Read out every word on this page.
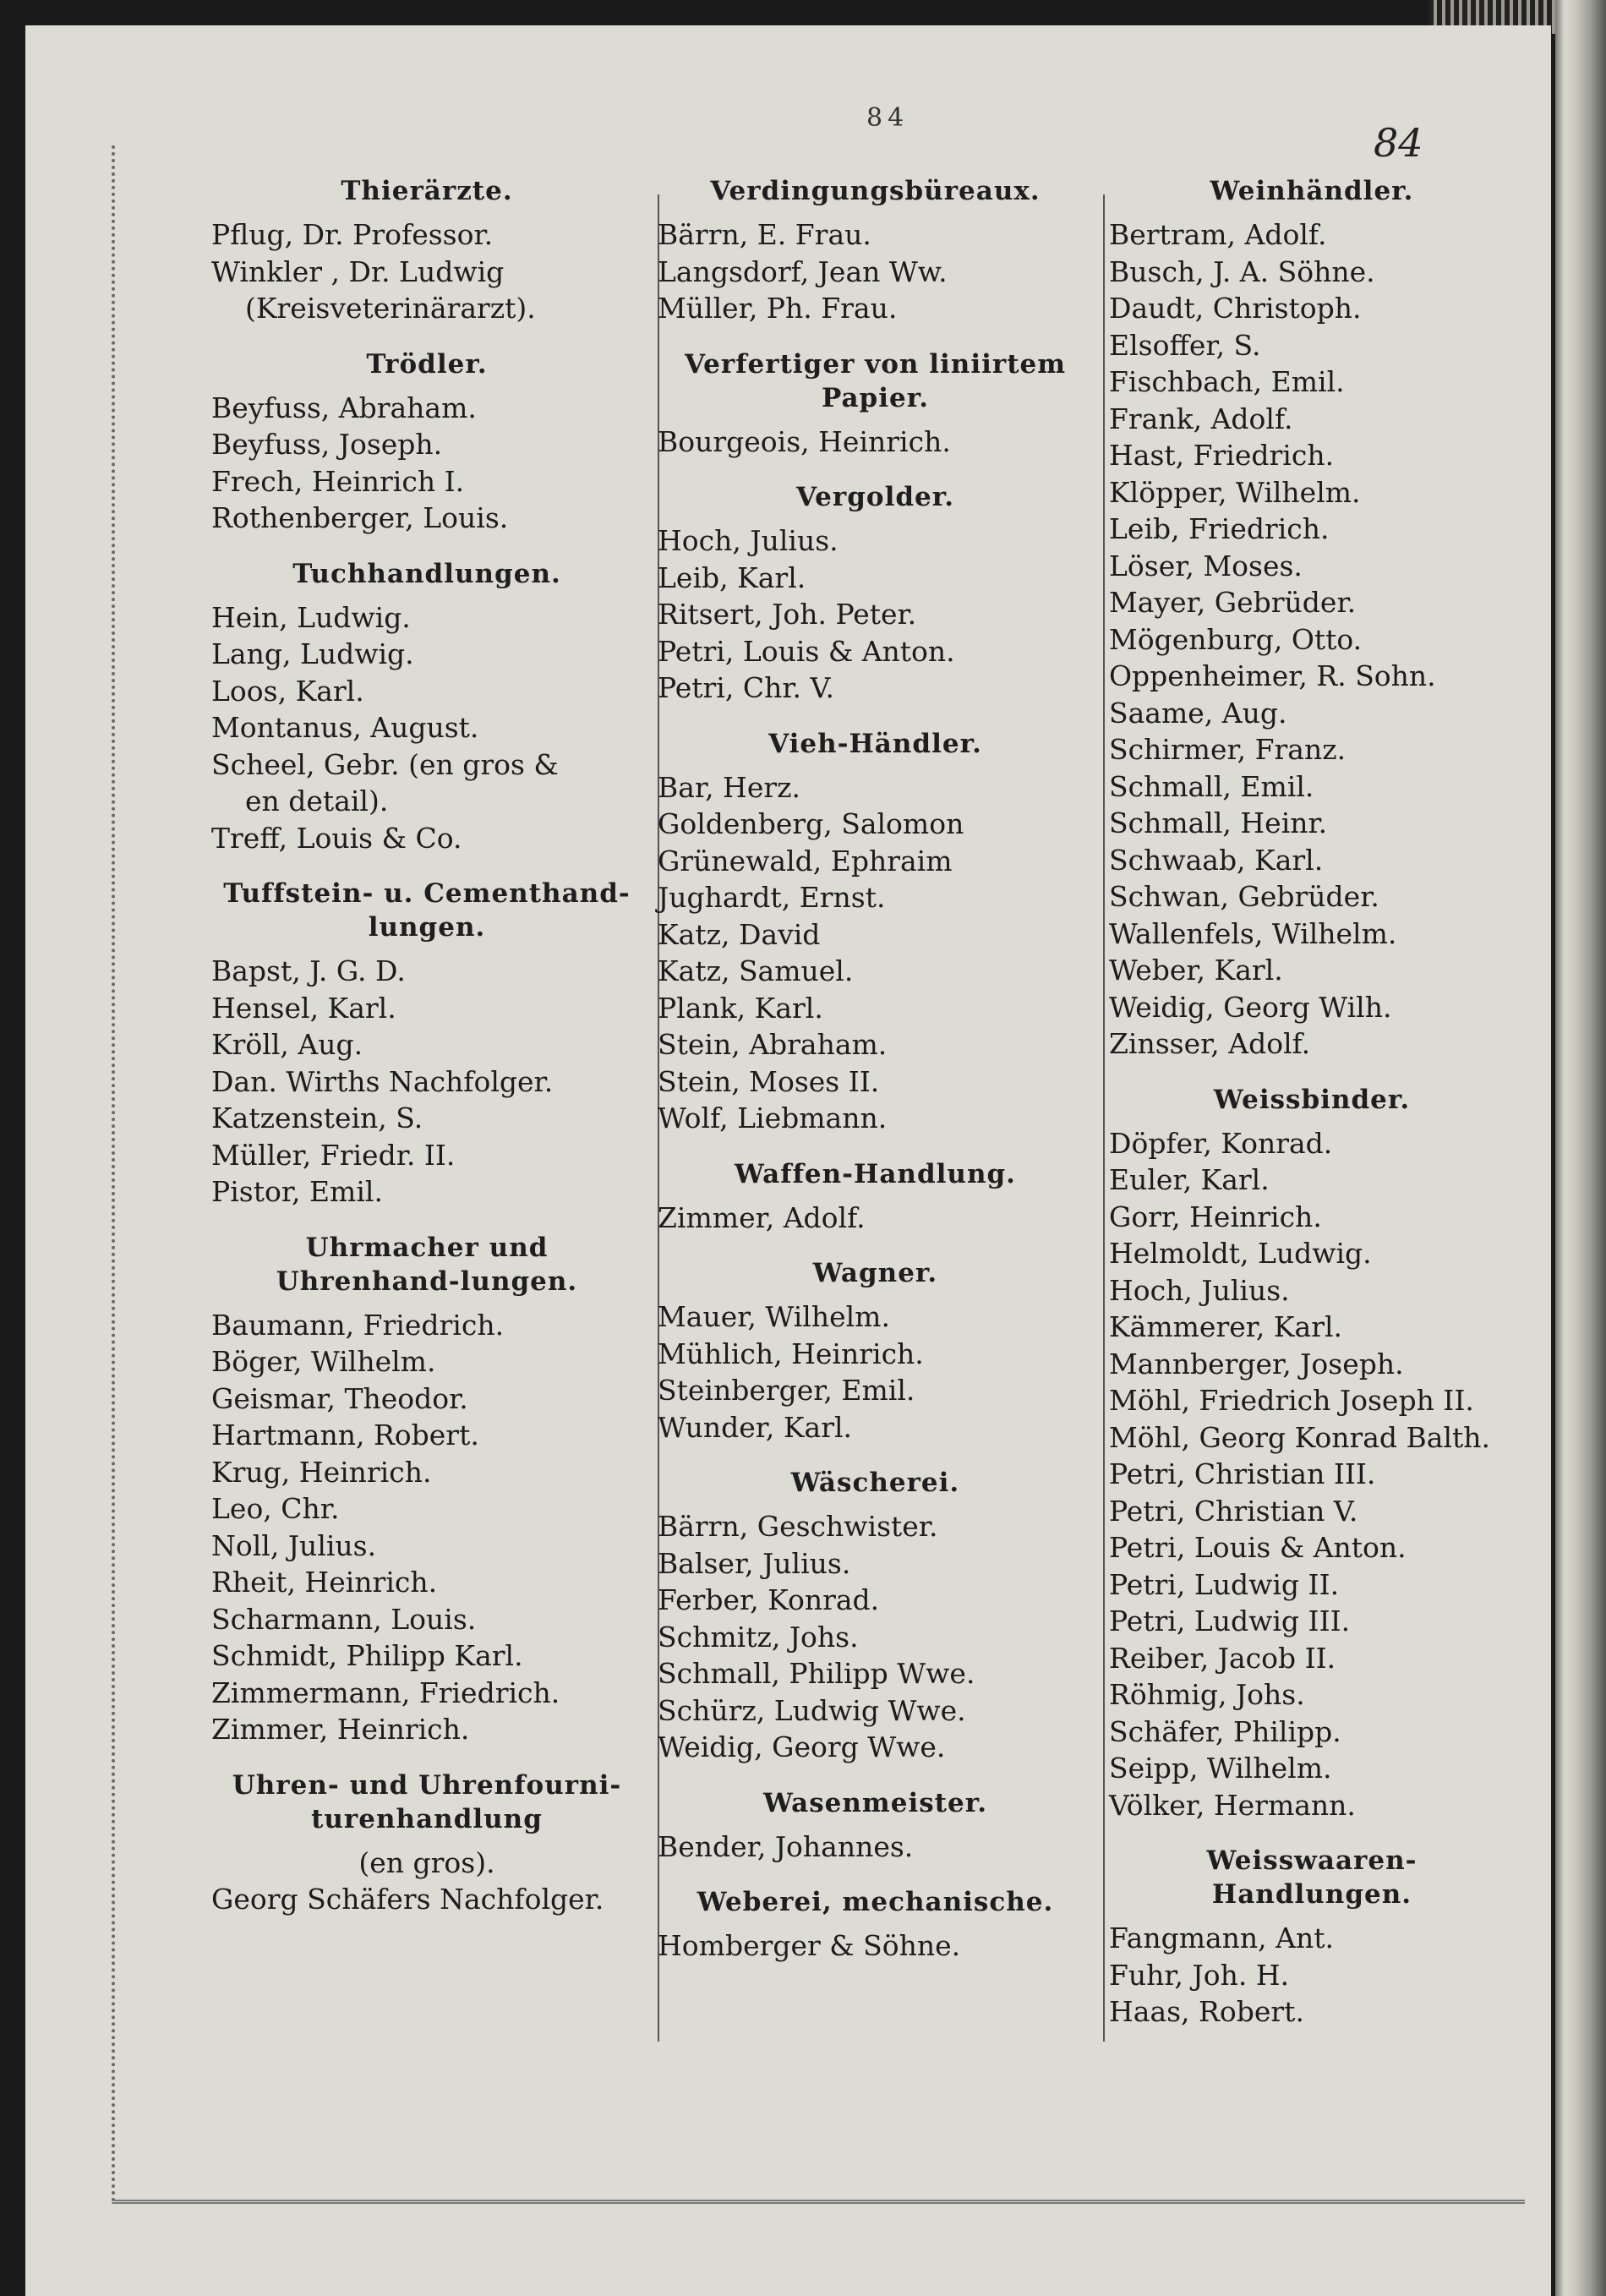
84
84
Thierärzte.
Pflug, Dr. Professor.
Winkler , Dr. Ludwig
(Kreisveterinärarzt).
Trödler.
Beyfuss, Abraham.
Beyfuss, Joseph.
Frech, Heinrich I.
Rothenberger, Louis.
Tuchhandlungen.
Hein, Ludwig.
Lang, Ludwig.
Loos, Karl.
Montanus, August.
Scheel, Gebr. (en gros &
en detail).
Treff, Louis & Co.
Tuffstein- u. Cementhand-lungen.
Bapst, J. G. D.
Hensel, Karl.
Kröll, Aug.
Dan. Wirths Nachfolger.
Katzenstein, S.
Müller, Friedr. II.
Pistor, Emil.
Uhrmacher und Uhrenhand-lungen.
Baumann, Friedrich.
Böger, Wilhelm.
Geismar, Theodor.
Hartmann, Robert.
Krug, Heinrich.
Leo, Chr.
Noll, Julius.
Rheit, Heinrich.
Scharmann, Louis.
Schmidt, Philipp Karl.
Zimmermann, Friedrich.
Zimmer, Heinrich.
Uhren- und Uhrenfourni-turenhandlung
(en gros).
Georg Schäfers Nachfolger.
Verdingungsbüreaux.
Bärrn, E. Frau.
Langsdorf, Jean Ww.
Müller, Ph. Frau.
Verfertiger von liniirtem Papier.
Bourgeois, Heinrich.
Vergolder.
Hoch, Julius.
Leib, Karl.
Ritsert, Joh. Peter.
Petri, Louis & Anton.
Petri, Chr. V.
Vieh-Händler.
Bar, Herz.
Goldenberg, Salomon
Grünewald, Ephraim
Jughardt, Ernst.
Katz, David
Katz, Samuel.
Plank, Karl.
Stein, Abraham.
Stein, Moses II.
Wolf, Liebmann.
Waffen-Handlung.
Zimmer, Adolf.
Wagner.
Mauer, Wilhelm.
Mühlich, Heinrich.
Steinberger, Emil.
Wunder, Karl.
Wäscherei.
Bärrn, Geschwister.
Balser, Julius.
Ferber, Konrad.
Schmitz, Johs.
Schmall, Philipp Wwe.
Schürz, Ludwig Wwe.
Weidig, Georg Wwe.
Wasenmeister.
Bender, Johannes.
Weberei, mechanische.
Homberger & Söhne.
Weinhändler.
Bertram, Adolf.
Busch, J. A. Söhne.
Daudt, Christoph.
Elsoffer, S.
Fischbach, Emil.
Frank, Adolf.
Hast, Friedrich.
Klöpper, Wilhelm.
Leib, Friedrich.
Löser, Moses.
Mayer, Gebrüder.
Mögenburg, Otto.
Oppenheimer, R. Sohn.
Saame, Aug.
Schirmer, Franz.
Schmall, Emil.
Schmall, Heinr.
Schwaab, Karl.
Schwan, Gebrüder.
Wallenfels, Wilhelm.
Weber, Karl.
Weidig, Georg Wilh.
Zinsser, Adolf.
Weissbinder.
Döpfer, Konrad.
Euler, Karl.
Gorr, Heinrich.
Helmoldt, Ludwig.
Hoch, Julius.
Kämmerer, Karl.
Mannberger, Joseph.
Möhl, Friedrich Joseph II.
Möhl, Georg Konrad Balth.
Petri, Christian III.
Petri, Christian V.
Petri, Louis & Anton.
Petri, Ludwig II.
Petri, Ludwig III.
Reiber, Jacob II.
Röhmig, Johs.
Schäfer, Philipp.
Seipp, Wilhelm.
Völker, Hermann.
Weisswaaren-Handlungen.
Fangmann, Ant.
Fuhr, Joh. H.
Haas, Robert.
